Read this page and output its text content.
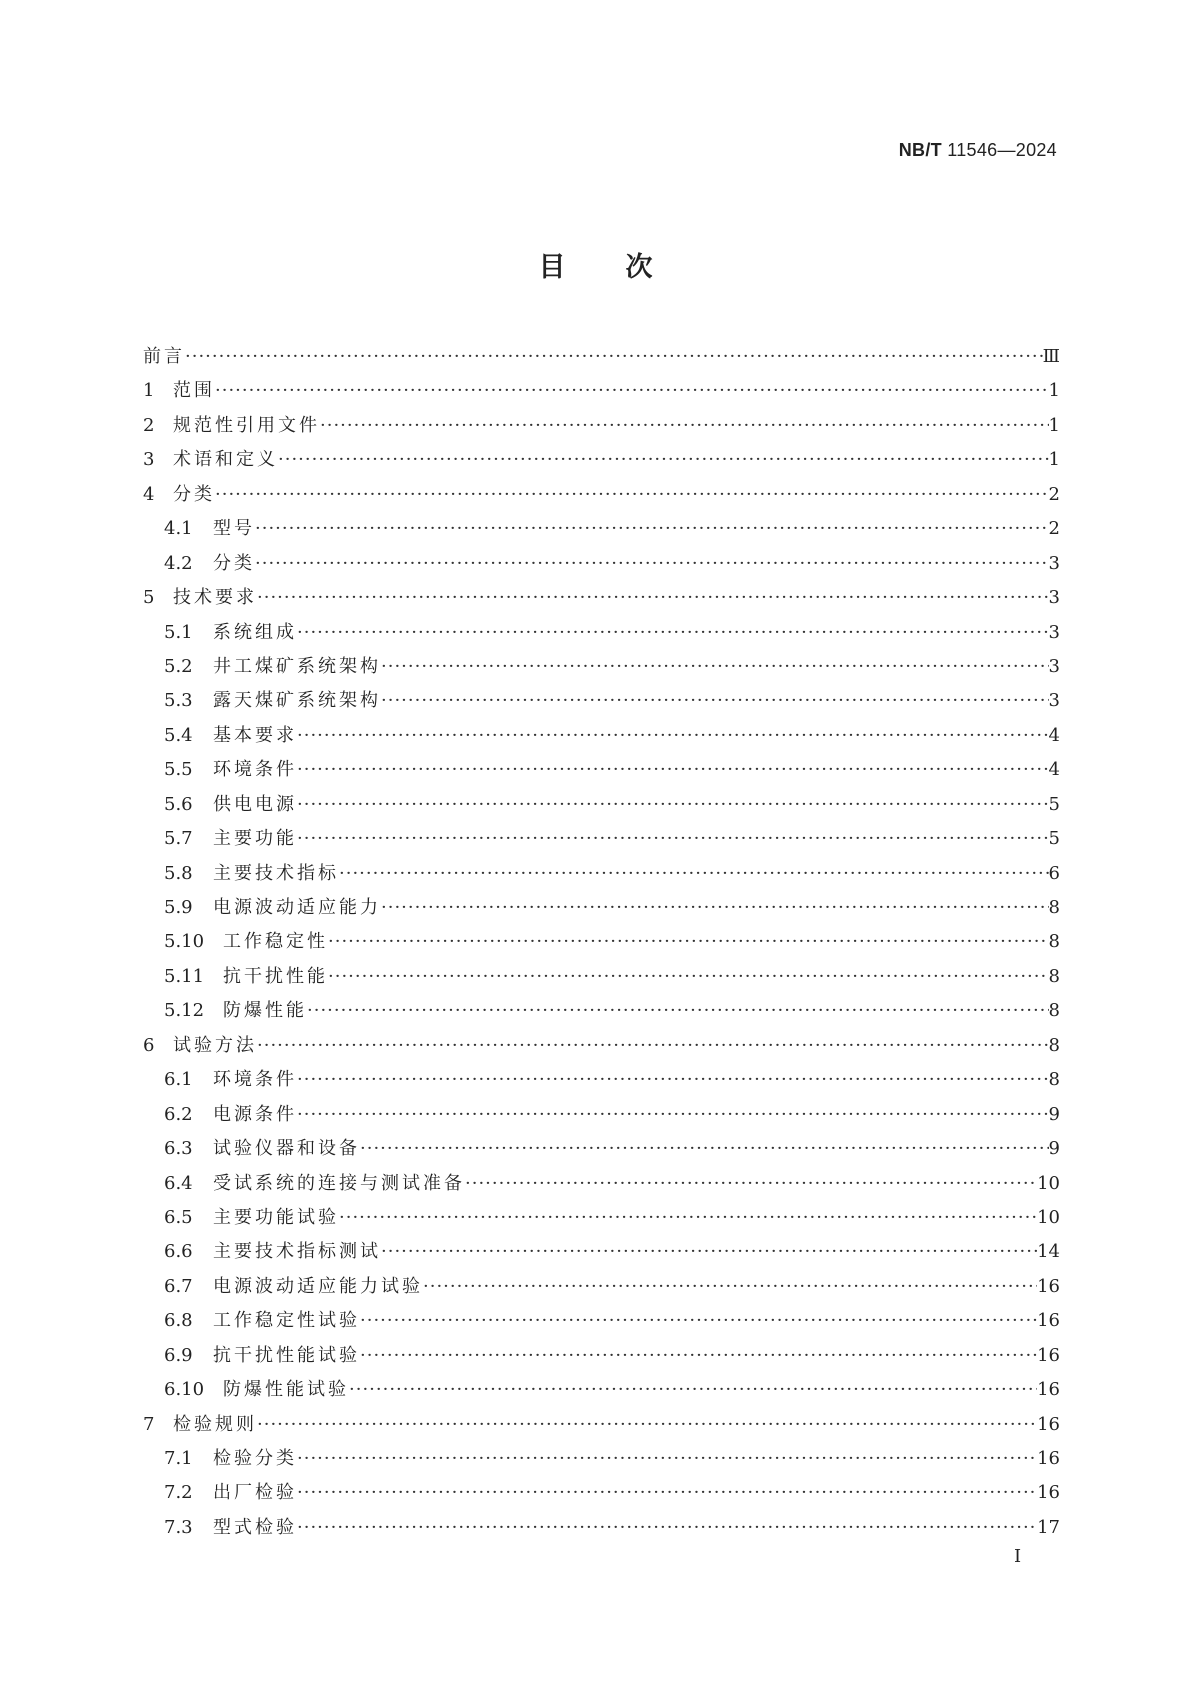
NB/T 11546—2024
目 次
前言 ·····	Ⅲ
1	范围 ·····	1
2	规范性引用文件 ·····	1
3	术语和定义 ·····	1
4	分类 ·····	2
4.1	型号 ·····	2
4.2	分类 ·····	3
5	技术要求 ·····	3
5.1	系统组成 ·····	3
5.2	井工煤矿系统架构 ·····	3
5.3	露天煤矿系统架构 ·····	3
5.4	基本要求 ·····	4
5.5	环境条件 ·····	4
5.6	供电电源 ·····	5
5.7	主要功能 ·····	5
5.8	主要技术指标 ·····	6
5.9	电源波动适应能力 ·····	8
5.10	工作稳定性 ·····	8
5.11	抗干扰性能 ·····	8
5.12	防爆性能 ·····	8
6	试验方法 ·····	8
6.1	环境条件 ·····	8
6.2	电源条件 ·····	9
6.3	试验仪器和设备 ·····	9
6.4	受试系统的连接与测试准备 ·····	10
6.5	主要功能试验 ·····	10
6.6	主要技术指标测试 ·····	14
6.7	电源波动适应能力试验 ·····	16
6.8	工作稳定性试验 ·····	16
6.9	抗干扰性能试验 ·····	16
6.10	防爆性能试验 ·····	16
7	检验规则 ·····	16
7.1	检验分类 ·····	16
7.2	出厂检验 ·····	16
7.3	型式检验 ·····	17
I
